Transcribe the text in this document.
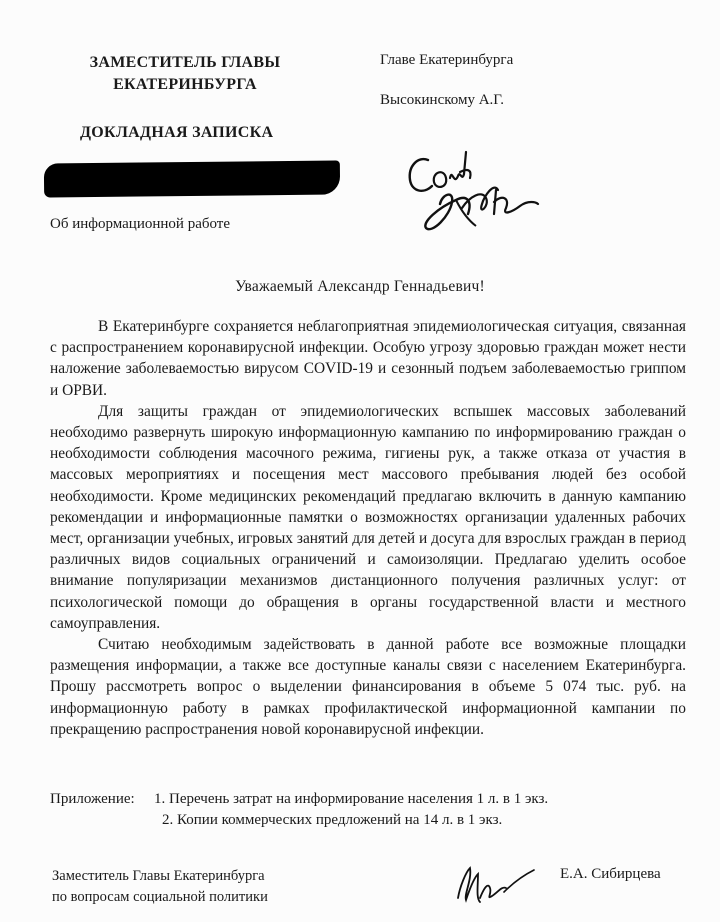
ЗАМЕСТИТЕЛЬ ГЛАВЫ
ЕКАТЕРИНБУРГА
ДОКЛАДНАЯ ЗАПИСКА
Об информационной работе
Главе Екатеринбурга
Высокинскому А.Г.
Уважаемый Александр Геннадьевич!

В Екатеринбурге сохраняется неблагоприятная эпидемиологическая ситуация, связанная с распространением коронавирусной инфекции. Особую угрозу здоровью граждан может нести наложение заболеваемостью вирусом COVID-19 и сезонный подъем заболеваемостью гриппом и ОРВИ.

Для защиты граждан от эпидемиологических вспышек массовых заболеваний необходимо развернуть широкую информационную кампанию по информированию граждан о необходимости соблюдения масочного режима, гигиены рук, а также отказа от участия в массовых мероприятиях и посещения мест массового пребывания людей без особой необходимости. Кроме медицинских рекомендаций предлагаю включить в данную кампанию рекомендации и информационные памятки о возможностях организации удаленных рабочих мест, организации учебных, игровых занятий для детей и досуга для взрослых граждан в период различных видов социальных ограничений и самоизоляции. Предлагаю уделить особое внимание популяризации механизмов дистанционного получения различных услуг: от психологической помощи до обращения в органы государственной власти и местного самоуправления.

Считаю необходимым задействовать в данной работе все возможные площадки размещения информации, а также все доступные каналы связи с населением Екатеринбурга. Прошу рассмотреть вопрос о выделении финансирования в объеме 5 074 тыс. руб. на информационную работу в рамках профилактической информационной кампании по прекращению распространения новой коронавирусной инфекции.

Приложение:	1. Перечень затрат на информирование населения 1 л. в 1 экз.
2. Копии коммерческих предложений на 14 л. в 1 экз.
Заместитель Главы Екатеринбурга
по вопросам социальной политики
Е.А. Сибирцева
